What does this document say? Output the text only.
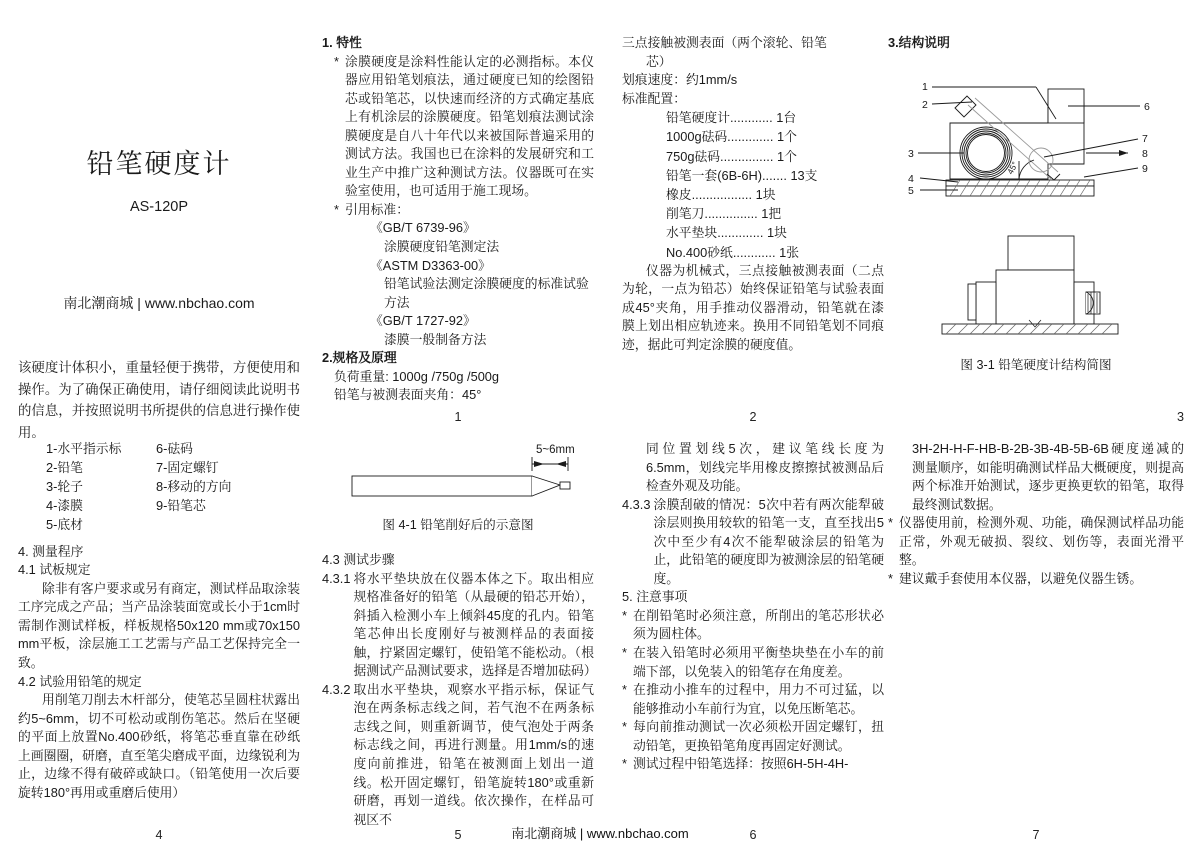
铅笔硬度计
AS-120P
南北潮商城 | www.nbchao.com
该硬度计体积小，重量轻便于携带，方便使用和操作。为了确保正确使用，请仔细阅读此说明书的信息，并按照说明书所提供的信息进行操作使用。
1. 特性
* 涂膜硬度是涂料性能认定的必测指标。本仪器应用铅笔划痕法，通过硬度已知的绘图铅芯或铅笔芯，以快速而经济的方式确定基底上有机涂层的涂膜硬度。铅笔划痕法测试涂膜硬度是自八十年代以来被国际普遍采用的测试方法。我国也已在涂料的发展研究和工业生产中推广这种测试方法。仪器既可在实验室使用，也可适用于施工现场。
* 引用标准：
《GB/T 6739-96》
涂膜硬度铅笔测定法
《ASTM D3363-00》
铅笔试验法测定涂膜硬度的标准试验方法
《GB/T 1727-92》
漆膜一般制备方法
2.规格及原理
负荷重量: 1000g /750g /500g
铅笔与被测表面夹角：45°
1
三点接触被测表面（两个滚轮、铅笔
芯）
划痕速度：约1mm/s
标准配置：
铅笔硬度计............ 1台
1000g砝码............. 1个
750g砝码............... 1个
铅笔一套(6B-6H)....... 13支
橡皮................. 1块
削笔刀............... 1把
水平垫块............. 1块
No.400砂纸............ 1张
仪器为机械式，三点接触被测表面（二点为轮，一点为铅芯）始终保证铅笔与试验表面成45°夹角，用手推动仪器滑动，铅笔就在漆膜上划出相应轨迹来。换用不同铅笔划不同痕迹，据此可判定涂膜的硬度值。
2
3.结构说明
1
2
3
4
5
6
7
8
9
45°
图 3-1 铅笔硬度计结构简图
3
1-水平指示标
2-铅笔
3-轮子
4-漆膜
5-底材
6-砝码
7-固定螺钉
8-移动的方向
9-铅笔芯
4. 测量程序
4.1 试板规定
除非有客户要求或另有商定，测试样品取涂装工序完成之产品；当产品涂装面宽或长小于1cm时需制作测试样板，样板规格50x120 mm或70x150 mm平板，涂层施工工艺需与产品工艺保持完全一致。
4.2 试验用铅笔的规定
用削笔刀削去木杆部分，使笔芯呈圆柱状露出约5~6mm，切不可松动或削伤笔芯。然后在坚硬的平面上放置No.400砂纸，将笔芯垂直靠在砂纸上画圈圈，研磨，直至笔尖磨成平面，边缘锐利为止，边缘不得有破碎或缺口。（铅笔使用一次后要旋转180°再用或重磨后使用）
4
5~6mm
图 4-1 铅笔削好后的示意图
4.3 测试步骤
4.3.1 将水平垫块放在仪器本体之下。取出相应规格准备好的铅笔（从最硬的铅芯开始），斜插入检测小车上倾斜45度的孔内。铅笔笔芯伸出长度刚好与被测样品的表面接触，拧紧固定螺钉，使铅笔不能松动。（根据测试产品测试要求，选择是否增加砝码）
4.3.2 取出水平垫块，观察水平指示标，保证气泡在两条标志线之间，若气泡不在两条标志线之间，则重新调节，使气泡处于两条标志线之间，再进行测量。用1mm/s的速度向前推进，铅笔在被测面上划出一道线。松开固定螺钉，铅笔旋转180°或重新研磨，再划一道线。依次操作，在样品可视区不
5
同位置划线5次，建议笔线长度为6.5mm，划线完毕用橡皮擦擦拭被测品后检查外观及功能。
4.3.3 涂膜刮破的情况：5次中若有两次能犁破涂层则换用较软的铅笔一支，直至找出5次中至少有4次不能犁破涂层的铅笔为止，此铅笔的硬度即为被测涂层的铅笔硬度。
5. 注意事项
* 在削铅笔时必须注意，所削出的笔芯形状必须为圆柱体。
* 在装入铅笔时必须用平衡垫块垫在小车的前端下部，以免装入的铅笔存在角度差。
* 在推动小推车的过程中，用力不可过猛，以能够推动小车前行为宜，以免压断笔芯。
* 每向前推动测试一次必须松开固定螺钉，扭动铅笔，更换铅笔角度再固定好测试。
* 测试过程中铅笔选择：按照6H-5H-4H-
6
3H-2H-H-F-HB-B-2B-3B-4B-5B-6B硬度递减的测量顺序，如能明确测试样品大概硬度，则提高两个标准开始测试，逐步更换更软的铅笔，取得最终测试数据。
* 仪器使用前，检测外观、功能，确保测试样品功能正常，外观无破损、裂纹、划伤等，表面光滑平整。
* 建议戴手套使用本仪器，以避免仪器生锈。
7
南北潮商城 | www.nbchao.com
